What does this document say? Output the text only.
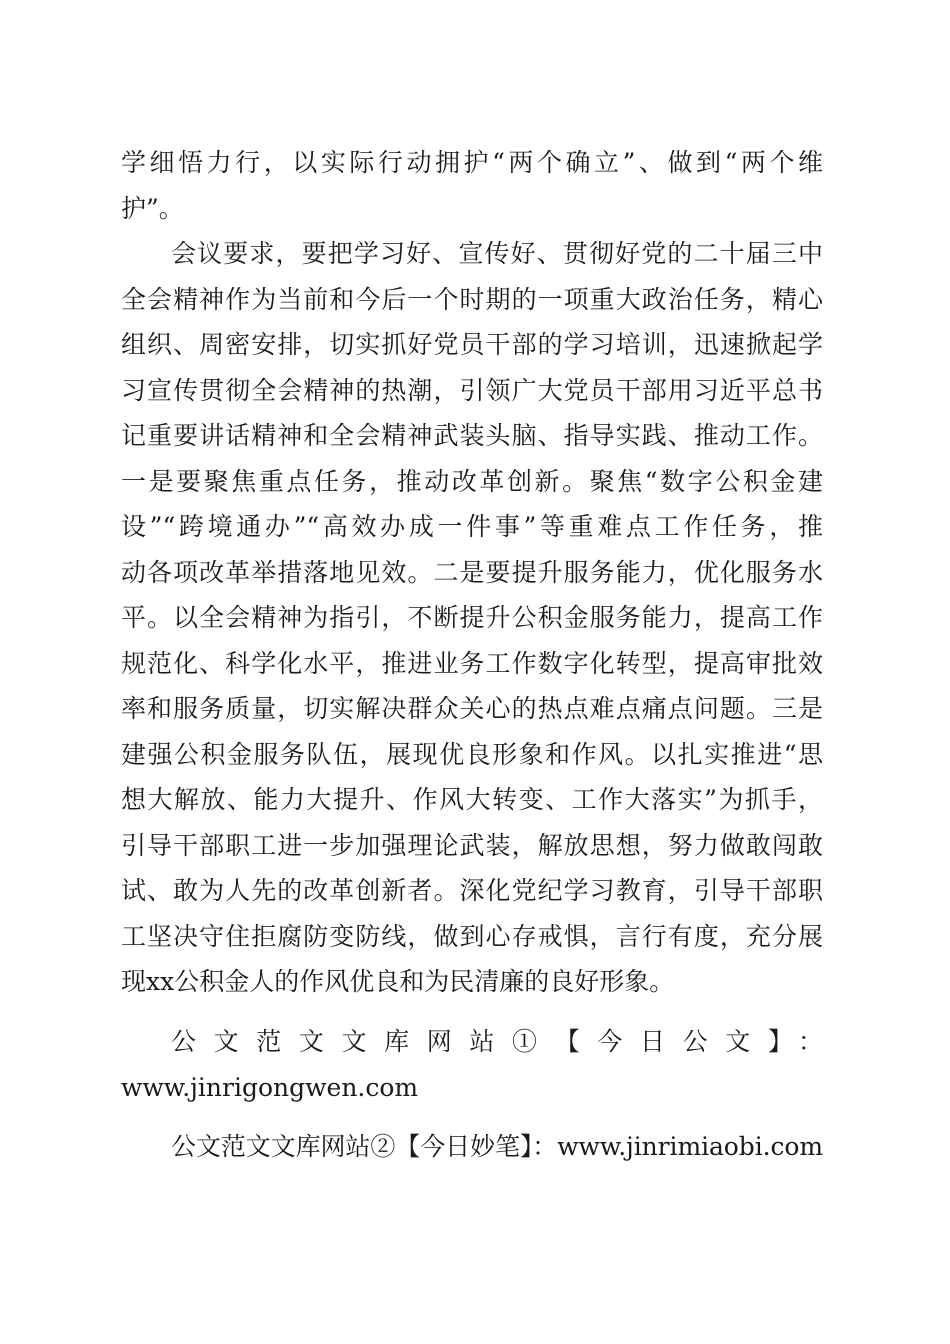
学细悟力行，以实际行动拥护“两个确立”、做到“两个维
护”。
会议要求，要把学习好、宣传好、贯彻好党的二十届三中
全会精神作为当前和今后一个时期的一项重大政治任务，精心
组织、周密安排，切实抓好党员干部的学习培训，迅速掀起学
习宣传贯彻全会精神的热潮，引领广大党员干部用习近平总书
记重要讲话精神和全会精神武装头脑、指导实践、推动工作。
一是要聚焦重点任务，推动改革创新。聚焦“数字公积金建
设”“跨境通办”“高效办成一件事”等重难点工作任务，推
动各项改革举措落地见效。二是要提升服务能力，优化服务水
平。以全会精神为指引，不断提升公积金服务能力，提高工作
规范化、科学化水平，推进业务工作数字化转型，提高审批效
率和服务质量，切实解决群众关心的热点难点痛点问题。三是
建强公积金服务队伍，展现优良形象和作风。以扎实推进“思
想大解放、能力大提升、作风大转变、工作大落实”为抓手，
引导干部职工进一步加强理论武装，解放思想，努力做敢闯敢
试、敢为人先的改革创新者。深化党纪学习教育，引导干部职
工坚决守住拒腐防变防线，做到心存戒惧，言行有度，充分展
现xx公积金人的作风优良和为民清廉的良好形象。
公文范文文库网站①【今日公文】：
www.jinrigongwen.com
公文范文文库网站②【今日妙笔】：www.jinrimiaobi.com
